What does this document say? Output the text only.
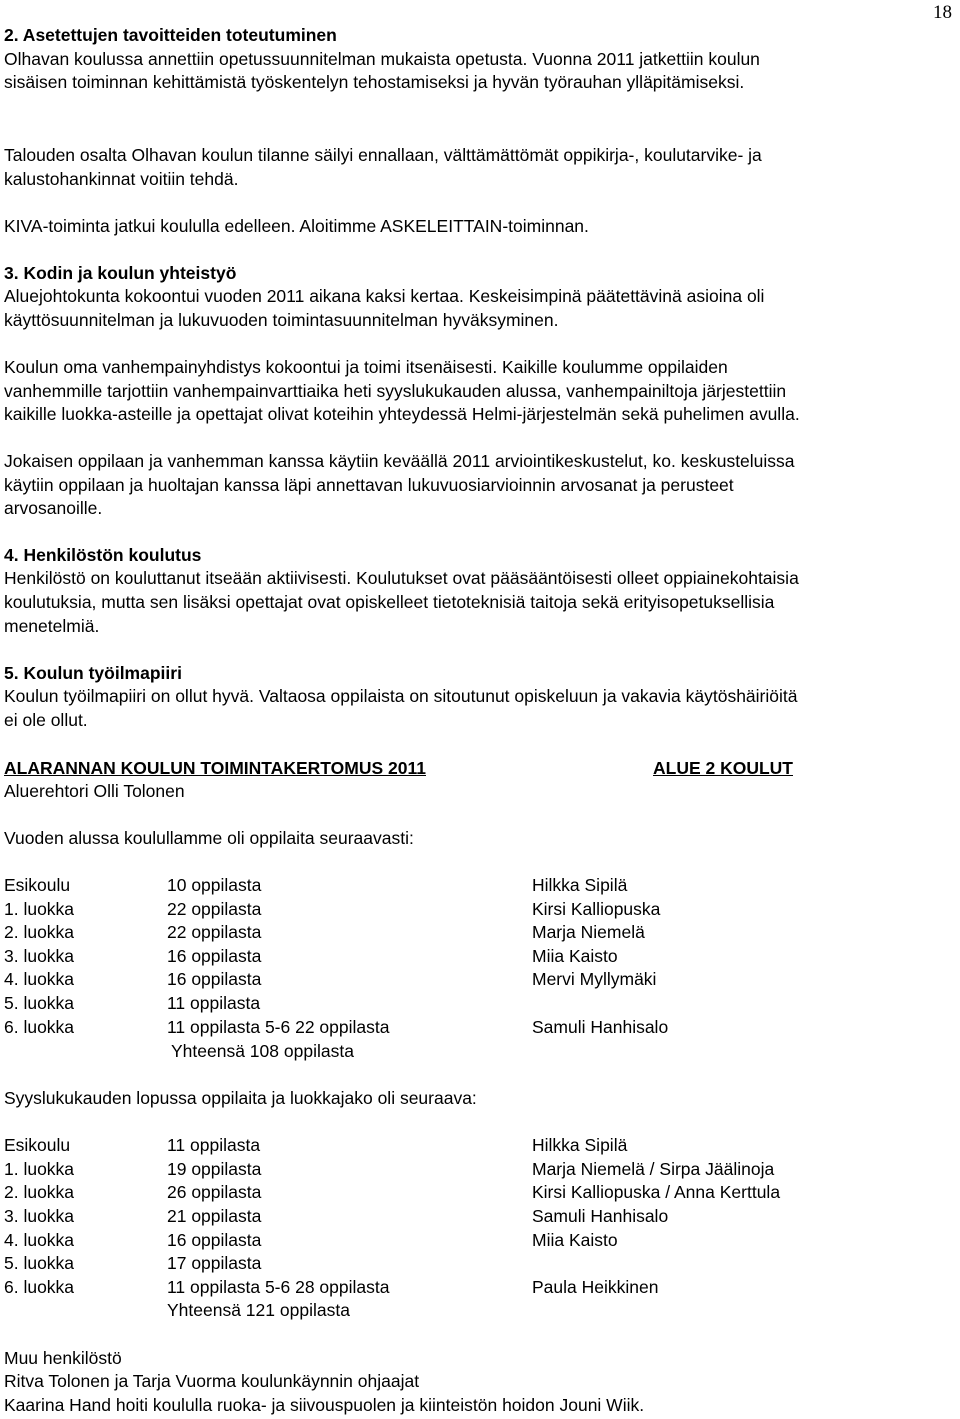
18
2. Asetettujen tavoitteiden toteutuminen
Olhavan koulussa annettiin opetussuunnitelman mukaista opetusta. Vuonna 2011 jatkettiin koulun
sisäisen toiminnan kehittämistä työskentelyn tehostamiseksi ja hyvän työrauhan ylläpitämiseksi.
Talouden osalta Olhavan koulun tilanne säilyi ennallaan, välttämättömät oppikirja-, koulutarvike- ja
kalustohankinnat voitiin tehdä.
KIVA-toiminta jatkui koululla edelleen. Aloitimme ASKELEITTAIN-toiminnan.
3. Kodin ja koulun yhteistyö
Aluejohtokunta kokoontui vuoden 2011 aikana kaksi kertaa. Keskeisimpinä päätettävinä asioina oli
käyttösuunnitelman ja lukuvuoden toimintasuunnitelman hyväksyminen.
Koulun oma vanhempainyhdistys kokoontui ja toimi itsenäisesti. Kaikille koulumme oppilaiden
vanhemmille tarjottiin vanhempainvarttiaika heti syyslukukauden alussa, vanhempainiltoja järjestettiin
kaikille luokka-asteille ja opettajat olivat koteihin yhteydessä Helmi-järjestelmän sekä puhelimen avulla.
Jokaisen oppilaan ja vanhemman kanssa käytiin keväällä 2011 arviointikeskustelut, ko. keskusteluissa
käytiin oppilaan ja huoltajan kanssa läpi annettavan lukuvuosiarvioinnin arvosanat ja perusteet
arvosanoille.
4. Henkilöstön koulutus
Henkilöstö on kouluttanut itseään aktiivisesti. Koulutukset ovat pääsääntöisesti olleet oppiainekohtaisia
koulutuksia, mutta sen lisäksi opettajat ovat opiskelleet tietoteknisiä taitoja sekä erityisopetuksellisia
menetelmiä.
5. Koulun työilmapiiri
Koulun työilmapiiri on ollut hyvä. Valtaosa oppilaista on sitoutunut opiskeluun ja vakavia käytöshäiriöitä
ei ole ollut.
ALARANNAN KOULUN TOIMINTAKERTOMUS 2011	ALUE 2 KOULUT
Aluerehtori Olli Tolonen
Vuoden alussa koulullamme oli oppilaita seuraavasti:
Esikoulu	10 oppilasta	Hilkka Sipilä
1. luokka	22 oppilasta	Kirsi Kalliopuska
2. luokka	22 oppilasta	Marja Niemelä
3. luokka	16 oppilasta	Miia Kaisto
4. luokka	16 oppilasta	Mervi Myllymäki
5. luokka	11 oppilasta
6. luokka	11 oppilasta 5-6 22 oppilasta	Samuli Hanhisalo
Yhteensä 108 oppilasta
Syyslukukauden lopussa oppilaita ja luokkajako oli seuraava:
Esikoulu	11 oppilasta	Hilkka Sipilä
1. luokka	19 oppilasta	Marja Niemelä / Sirpa Jäälinoja
2. luokka	26 oppilasta	Kirsi Kalliopuska / Anna Kerttula
3. luokka	21 oppilasta	Samuli Hanhisalo
4. luokka	16 oppilasta	Miia Kaisto
5. luokka	17 oppilasta
6. luokka	11 oppilasta 5-6 28 oppilasta	Paula Heikkinen
Yhteensä 121 oppilasta
Muu henkilöstö
Ritva Tolonen ja Tarja Vuorma koulunkäynnin ohjaajat
Kaarina Hand hoiti koululla ruoka- ja siivouspuolen ja kiinteistön hoidon Jouni Wiik.
